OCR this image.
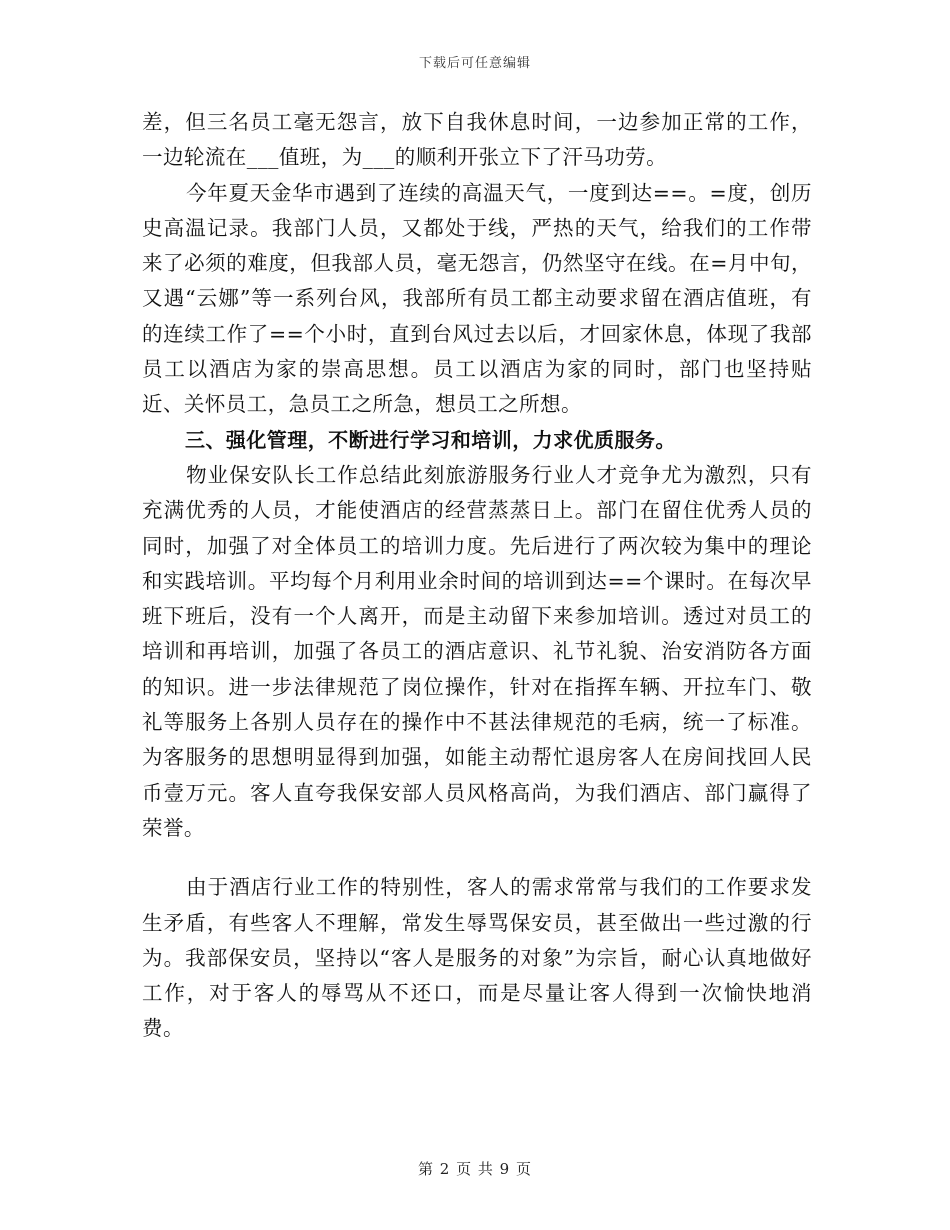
下载后可任意编辑

差，但三名员工毫无怨言，放下自我休息时间，一边参加正常的工作，一边轮流在___值班，为___的顺利开张立下了汗马功劳。

今年夏天金华市遇到了连续的高温天气，一度到达==。=度，创历史高温记录。我部门人员，又都处于线，严热的天气，给我们的工作带来了必须的难度，但我部人员，毫无怨言，仍然坚守在线。在=月中旬，又遇“云娜”等一系列台风，我部所有员工都主动要求留在酒店值班，有的连续工作了==个小时，直到台风过去以后，才回家休息，体现了我部员工以酒店为家的崇高思想。员工以酒店为家的同时，部门也坚持贴近、关怀员工，急员工之所急，想员工之所想。

三、强化管理，不断进行学习和培训，力求优质服务。

物业保安队长工作总结此刻旅游服务行业人才竞争尤为激烈，只有充满优秀的人员，才能使酒店的经营蒸蒸日上。部门在留住优秀人员的同时，加强了对全体员工的培训力度。先后进行了两次较为集中的理论和实践培训。平均每个月利用业余时间的培训到达==个课时。在每次早班下班后，没有一个人离开，而是主动留下来参加培训。透过对员工的培训和再培训，加强了各员工的酒店意识、礼节礼貌、治安消防各方面的知识。进一步法律规范了岗位操作，针对在指挥车辆、开拉车门、敬礼等服务上各别人员存在的操作中不甚法律规范的毛病，统一了标准。为客服务的思想明显得到加强，如能主动帮忙退房客人在房间找回人民币壹万元。客人直夸我保安部人员风格高尚，为我们酒店、部门赢得了荣誉。

由于酒店行业工作的特别性，客人的需求常常与我们的工作要求发生矛盾，有些客人不理解，常发生辱骂保安员，甚至做出一些过激的行为。我部保安员，坚持以“客人是服务的对象”为宗旨，耐心认真地做好工作，对于客人的辱骂从不还口，而是尽量让客人得到一次愉快地消费。

第 2 页 共 9 页
